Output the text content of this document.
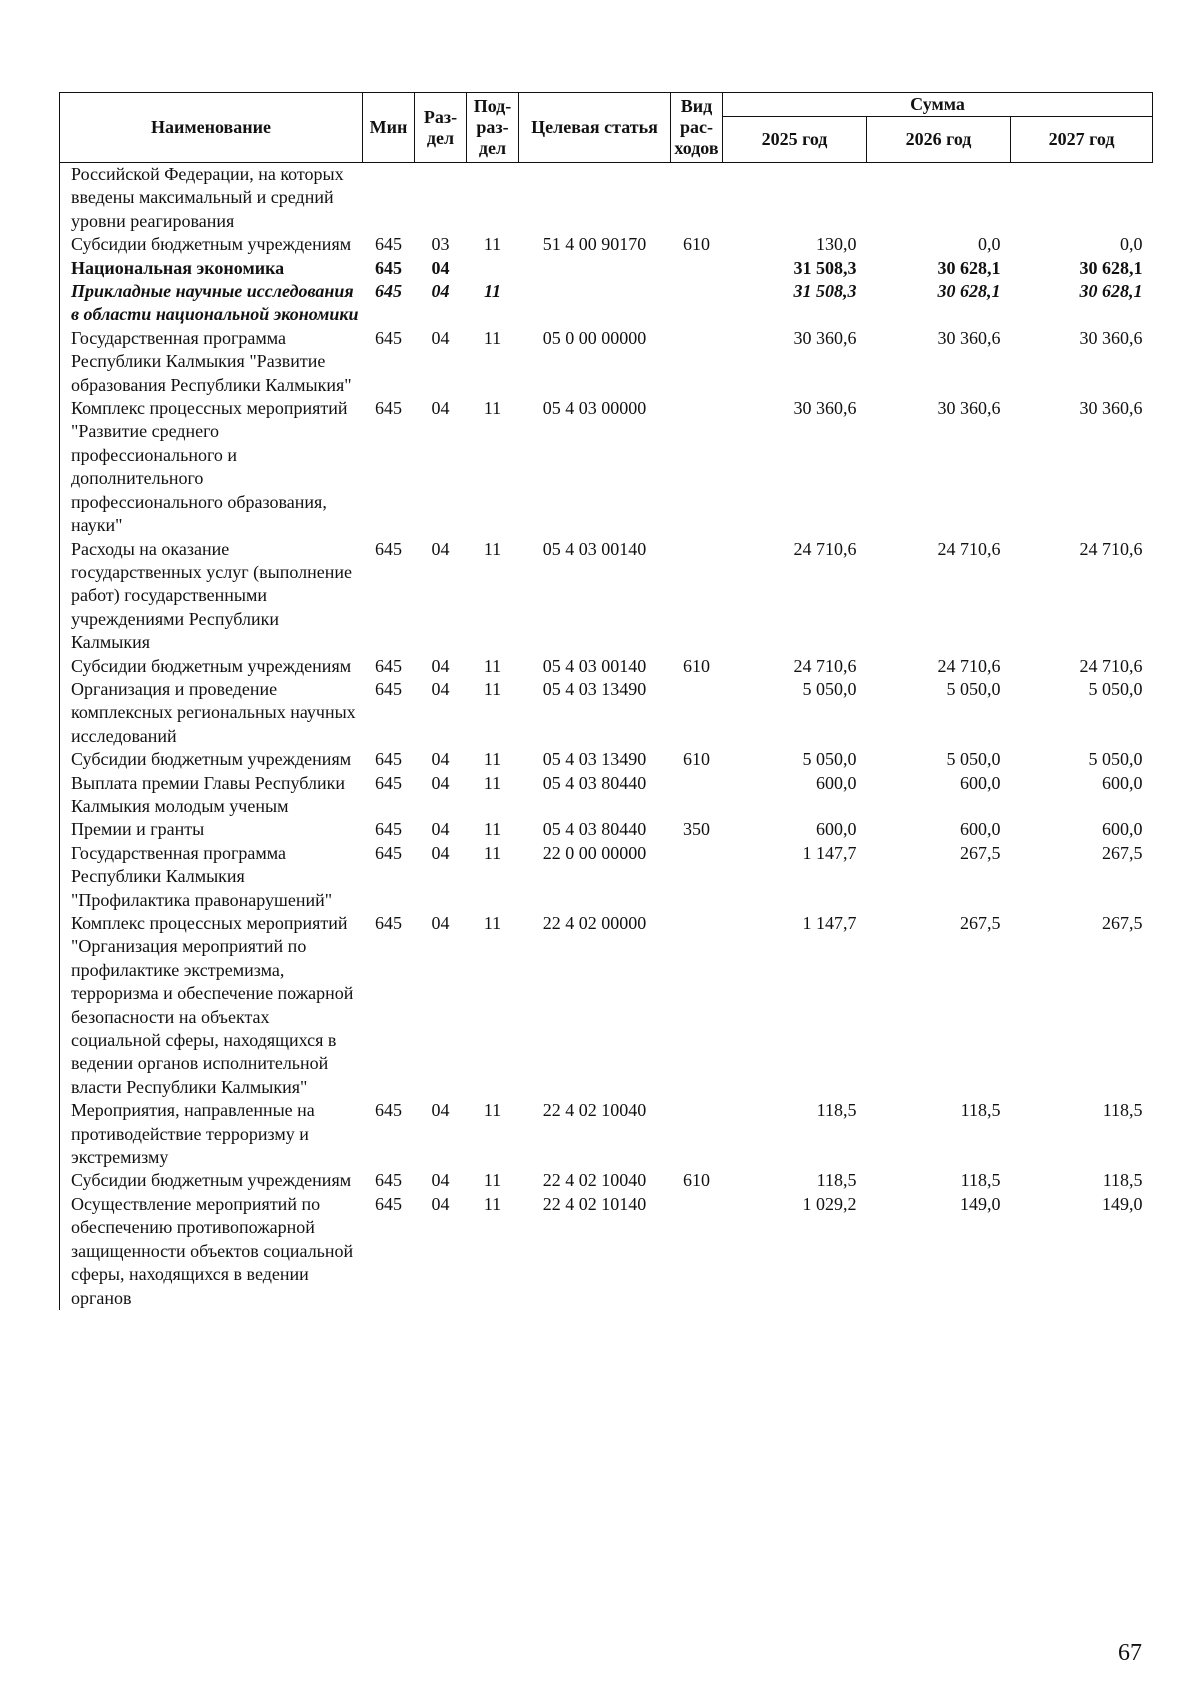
Наименование	Мин	Раз-дел	Под-раз-дел	Целевая статья	Вид рас-ходов	Сумма		
						2025 год	2026 год	2027 год
Российской Федерации, на которых введены максимальный и средний уровни реагирования								
Субсидии бюджетным учреждениям	645	03	11	51 4 00 90170	610	130,0	0,0	0,0
Национальная экономика	645	04				31 508,3	30 628,1	30 628,1
Прикладные научные исследования в области национальной экономики	645	04	11			31 508,3	30 628,1	30 628,1
Государственная программа Республики Калмыкия "Развитие образования Республики Калмыкия"	645	04	11	05 0 00 00000		30 360,6	30 360,6	30 360,6
Комплекс процессных мероприятий "Развитие среднего профессионального и дополнительного профессионального образования, науки"	645	04	11	05 4 03 00000		30 360,6	30 360,6	30 360,6
Расходы на оказание государственных услуг (выполнение работ) государственными учреждениями Республики Калмыкия	645	04	11	05 4 03 00140		24 710,6	24 710,6	24 710,6
Субсидии бюджетным учреждениям	645	04	11	05 4 03 00140	610	24 710,6	24 710,6	24 710,6
Организация и проведение комплексных региональных научных исследований	645	04	11	05 4 03 13490		5 050,0	5 050,0	5 050,0
Субсидии бюджетным учреждениям	645	04	11	05 4 03 13490	610	5 050,0	5 050,0	5 050,0
Выплата премии Главы Республики Калмыкия молодым ученым	645	04	11	05 4 03 80440		600,0	600,0	600,0
Премии и гранты	645	04	11	05 4 03 80440	350	600,0	600,0	600,0
Государственная программа Республики Калмыкия "Профилактика правонарушений"	645	04	11	22 0 00 00000		1 147,7	267,5	267,5
Комплекс процессных мероприятий "Организация мероприятий по профилактике экстремизма, терроризма и обеспечение пожарной безопасности на объектах социальной сферы, находящихся в ведении органов исполнительной власти Республики Калмыкия"	645	04	11	22 4 02 00000		1 147,7	267,5	267,5
Мероприятия, направленные на противодействие терроризму и экстремизму	645	04	11	22 4 02 10040		118,5	118,5	118,5
Субсидии бюджетным учреждениям	645	04	11	22 4 02 10040	610	118,5	118,5	118,5
Осуществление мероприятий по обеспечению противопожарной защищенности объектов социальной сферы, находящихся в ведении органов	645	04	11	22 4 02 10140		1 029,2	149,0	149,0
67
